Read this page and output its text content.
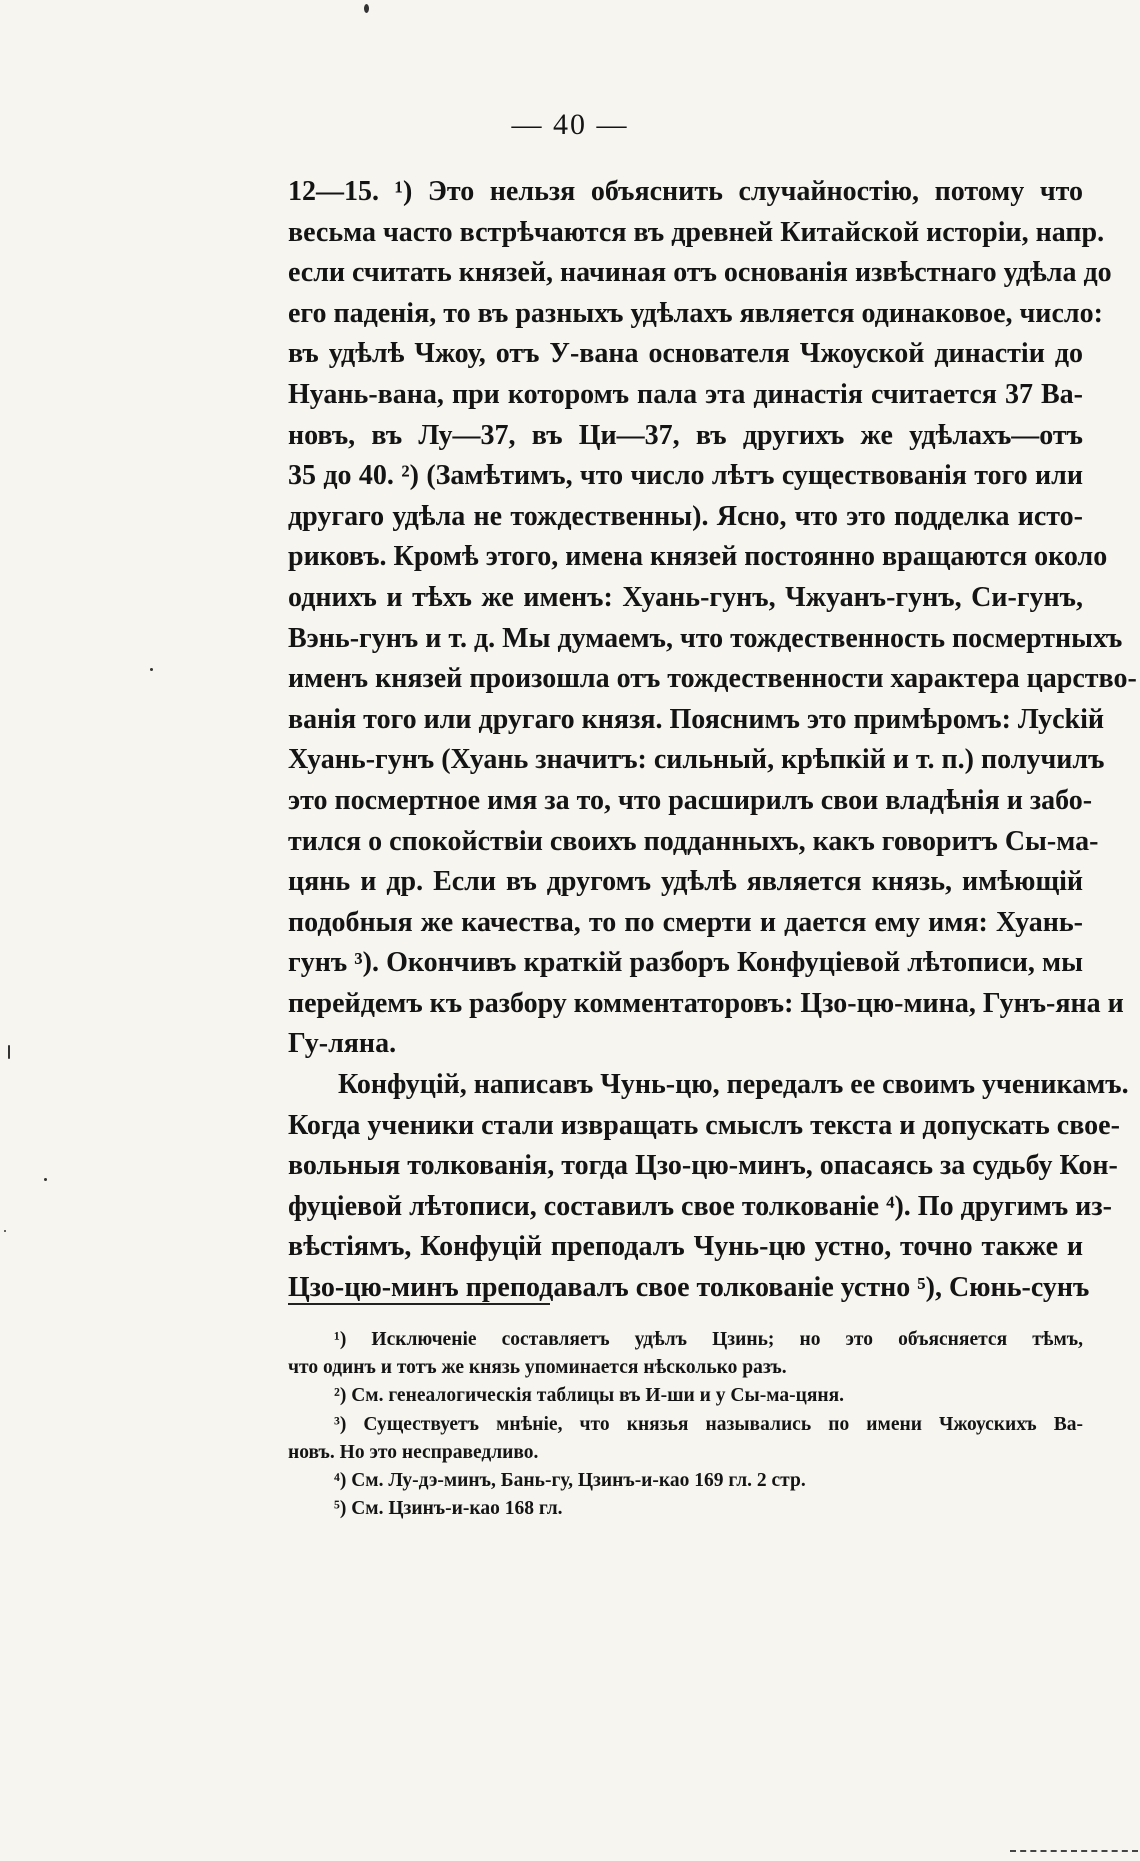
— 40 —
12—15. ¹) Это нельзя объяснить случайностію, потому что
весьма часто встрѣчаются въ древней Китайской исторіи, напр.
если считать князей, начиная отъ основанія извѣстнаго удѣла до
его паденія, то въ разныхъ удѣлахъ является одинаковое, число:
въ удѣлѣ Чжоу, отъ У-вана основателя Чжоуской династіи до
Нуань-вана, при которомъ пала эта династія считается 37 Ва-
новъ, въ Лу—37, въ Ци—37, въ другихъ же удѣлахъ—отъ
35 до 40. ²) (Замѣтимъ, что число лѣтъ существованія того или
другаго удѣла не тождественны). Ясно, что это подделка исто-
риковъ. Кромѣ этого, имена князей постоянно вращаются около
однихъ и тѣхъ же именъ: Хуань-гунъ, Чжуанъ-гунъ, Си-гунъ,
Вэнь-гунъ и т. д. Мы думаемъ, что тождественность посмертныхъ
именъ князей произошла отъ тождественности характера царство-
ванія того или другаго князя. Пояснимъ это примѣромъ: Луckій
Хуань-гунъ (Хуань значитъ: сильный, крѣпкій и т. п.) получилъ
это посмертное имя за то, что расширилъ свои владѣнія и забо-
тился о спокойствіи своихъ подданныхъ, какъ говоритъ Сы-ма-
цянь и др. Если въ другомъ удѣлѣ является князь, имѣющій
подобныя же качества, то по смерти и дается ему имя: Хуань-
гунъ ³). Окончивъ краткій разборъ Конфуціевой лѣтописи, мы
перейдемъ къ разбору комментаторовъ: Цзо-цю-мина, Гунъ-яна и
Гу-ляна.
Конфуцій, написавъ Чунь-цю, передалъ ее своимъ ученикамъ.
Когда ученики стали извращать смыслъ текста и допускать свое-
вольныя толкованія, тогда Цзо-цю-минъ, опасаясь за судьбу Кон-
фуціевой лѣтописи, составилъ свое толкованіе ⁴). По другимъ из-
вѣстіямъ, Конфуцій преподалъ Чунь-цю устно, точно также и
Цзо-цю-минъ преподавалъ свое толкованіе устно ⁵), Сюнь-сунъ
¹) Исключеніе составляетъ удѣлъ Цзинь; но это объясняется тѣмъ,
что одинъ и тотъ же князь упоминается нѣсколько разъ.
²) См. генеалогическія таблицы въ И-ши и у Сы-ма-цяня.
³) Существуетъ мнѣніе, что князья назывались по имени Чжоускихъ Ва-
новъ. Но это несправедливо.
⁴) См. Лу-дэ-минъ, Бань-гу, Цзинъ-и-као 169 гл. 2 стр.
⁵) См. Цзинъ-и-као 168 гл.
